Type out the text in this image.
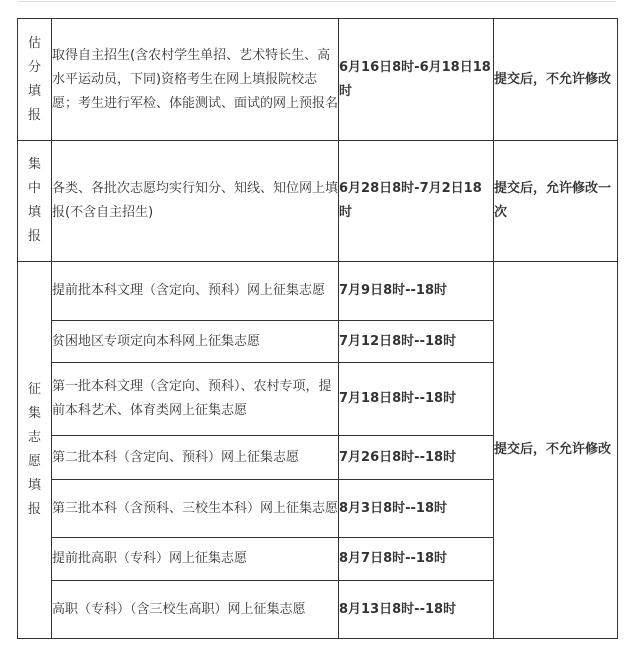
估分填报	取得自主招生(含农村学生单招、艺术特长生、高水平运动员，下同)资格考生在网上填报院校志愿；考生进行军检、体能测试、面试的网上预报名	6月16日8时-6月18日18时	提交后，不允许修改

集中填报	各类、各批次志愿均实行知分、知线、知位网上填报(不含自主招生)	6月28日8时-7月2日18时	提交后，允许修改一次

征集志愿填报	提前批本科文理（含定向、预科）网上征集志愿	7月9日8时--18时	提交后，不允许修改
	贫困地区专项定向本科网上征集志愿	7月12日8时--18时	
	第一批本科文理（含定向、预科）、农村专项，提前本科艺术、体育类网上征集志愿	7月18日8时--18时	
	第二批本科（含定向、预科）网上征集志愿	7月26日8时--18时	
	第三批本科（含预科、三校生本科）网上征集志愿	8月3日8时--18时	
	提前批高职（专科）网上征集志愿	8月7日8时--18时	
	高职（专科）（含三校生高职）网上征集志愿	8月13日8时--18时	
